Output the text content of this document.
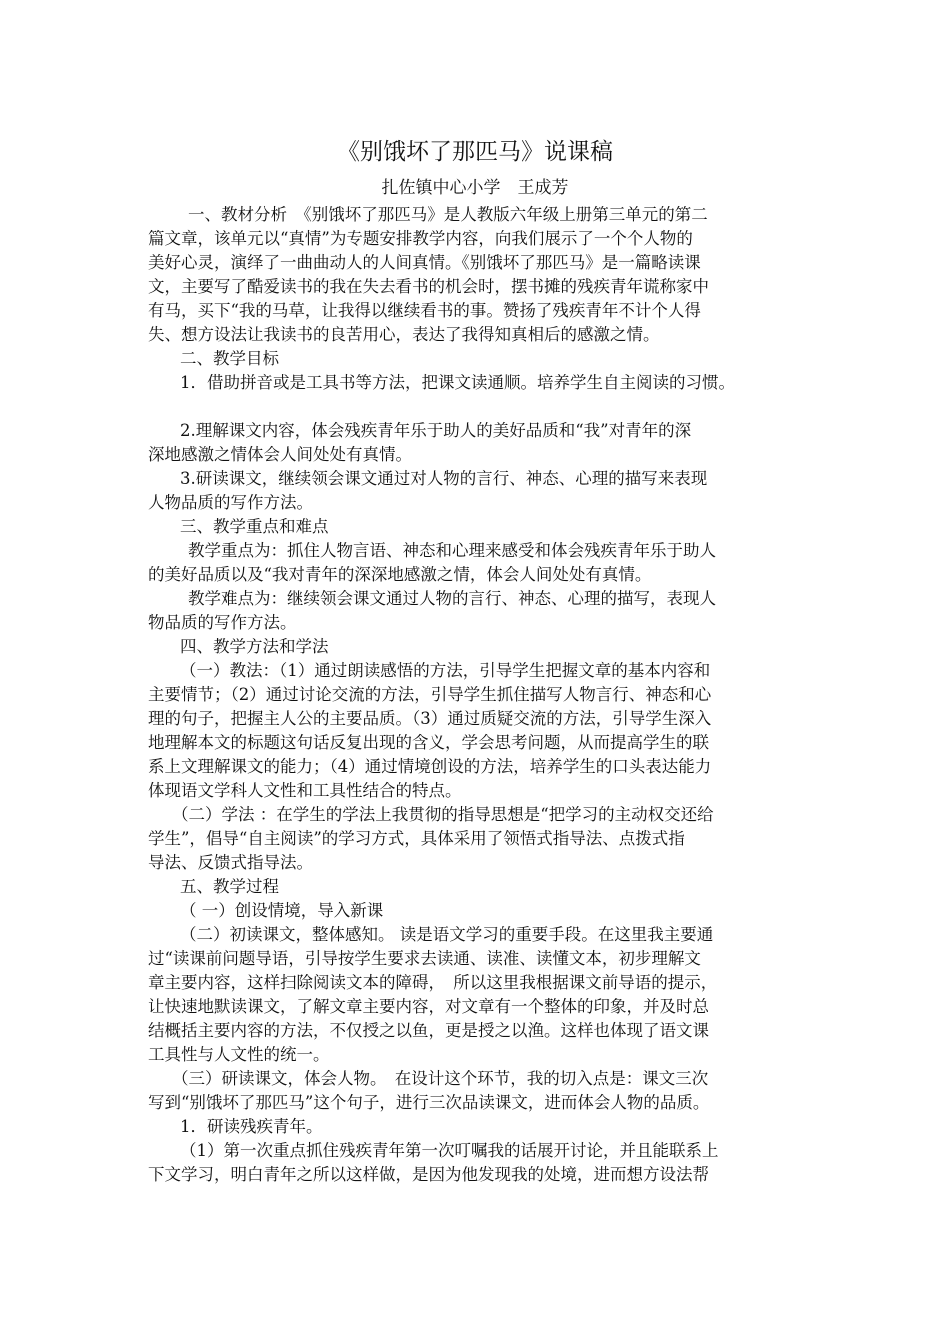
《别饿坏了那匹马》说课稿
扎佐镇中心小学　王成芳

一、教材分析　《别饿坏了那匹马》是人教版六年级上册第三单元的第二

篇文章，该单元以“真情”为专题安排教学内容，向我们展示了一个个人物的

美好心灵，演绎了一曲曲动人的人间真情。《别饿坏了那匹马》是一篇略读课

文，主要写了酷爱读书的我在失去看书的机会时，摆书摊的残疾青年谎称家中

有马，买下“我的马草，让我得以继续看书的事。赞扬了残疾青年不计个人得

失、想方设法让我读书的良苦用心，表达了我得知真相后的感激之情。

二、教学目标

1．借助拼音或是工具书等方法，把课文读通顺。培养学生自主阅读的习惯。

2.理解课文内容，体会残疾青年乐于助人的美好品质和“我”对青年的深

深地感激之情体会人间处处有真情。

3.研读课文，继续领会课文通过对人物的言行、神态、心理的描写来表现

人物品质的写作方法。

三、教学重点和难点

教学重点为：抓住人物言语、神态和心理来感受和体会残疾青年乐于助人

的美好品质以及“我对青年的深深地感激之情，体会人间处处有真情。

教学难点为：继续领会课文通过人物的言行、神态、心理的描写，表现人

物品质的写作方法。

四、教学方法和学法

（一）教法：（1）通过朗读感悟的方法，引导学生把握文章的基本内容和

主要情节；（2）通过讨论交流的方法，引导学生抓住描写人物言行、神态和心

理的句子，把握主人公的主要品质。（3）通过质疑交流的方法，引导学生深入

地理解本文的标题这句话反复出现的含义，学会思考问题，从而提高学生的联

系上文理解课文的能力；（4）通过情境创设的方法，培养学生的口头表达能力

体现语文学科人文性和工具性结合的特点。

（二）学法 ：在学生的学法上我贯彻的指导思想是“把学习的主动权交还给

学生”，倡导“自主阅读”的学习方式，具体采用了领悟式指导法、点拨式指

导法、反馈式指导法。

五、教学过程

（ 一）创设情境，导入新课

（二）初读课文，整体感知。 读是语文学习的重要手段。在这里我主要通

过“读课前问题导语，引导按学生要求去读通、读准、读懂文本，初步理解文

章主要内容，这样扫除阅读文本的障碍，　所以这里我根据课文前导语的提示，

让快速地默读课文，了解文章主要内容，对文章有一个整体的印象，并及时总

结概括主要内容的方法，不仅授之以鱼，更是授之以渔。这样也体现了语文课

工具性与人文性的统一。

（三）研读课文，体会人物。　在设计这个环节，我的切入点是：课文三次

写到“别饿坏了那匹马”这个句子，进行三次品读课文，进而体会人物的品质。

1．研读残疾青年。

（1）第一次重点抓住残疾青年第一次叮嘱我的话展开讨论，并且能联系上

下文学习，明白青年之所以这样做，是因为他发现我的处境，进而想方设法帮
